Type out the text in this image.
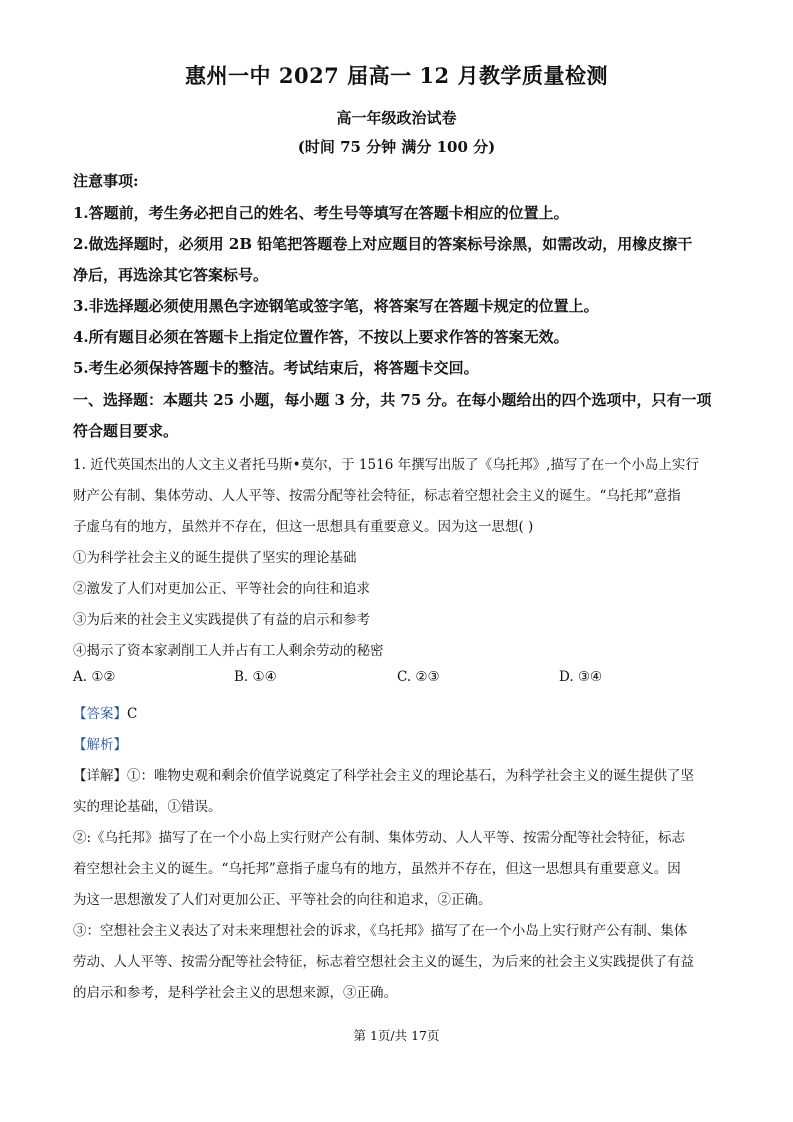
惠州一中 2027 届高一 12 月教学质量检测
高一年级政治试卷
(时间 75 分钟 满分 100 分)
注意事项:
1.答题前，考生务必把自己的姓名、考生号等填写在答题卡相应的位置上。
2.做选择题时，必须用 2B 铅笔把答题卷上对应题目的答案标号涂黑，如需改动，用橡皮擦干
净后，再选涂其它答案标号。
3.非选择题必须使用黑色字迹钢笔或签字笔，将答案写在答题卡规定的位置上。
4.所有题目必须在答题卡上指定位置作答，不按以上要求作答的答案无效。
5.考生必须保持答题卡的整洁。考试结束后，将答题卡交回。
一、选择题：本题共 25 小题，每小题 3 分，共 75 分。在每小题给出的四个选项中，只有一项
符合题目要求。
1. 近代英国杰出的人文主义者托马斯•莫尔，于 1516 年撰写出版了《乌托邦》,描写了在一个小岛上实行
财产公有制、集体劳动、人人平等、按需分配等社会特征，标志着空想社会主义的诞生。“乌托邦”意指
子虚乌有的地方，虽然并不存在，但这一思想具有重要意义。因为这一思想( )
①为科学社会主义的诞生提供了坚实的理论基础
②激发了人们对更加公正、平等社会的向往和追求
③为后来的社会主义实践提供了有益的启示和参考
④揭示了资本家剥削工人并占有工人剩余劳动的秘密
A. ①②	B. ①④	C. ②③	D. ③④
【答案】C
【解析】
【详解】①：唯物史观和剩余价值学说奠定了科学社会主义的理论基石，为科学社会主义的诞生提供了坚
实的理论基础，①错误。
②:《乌托邦》描写了在一个小岛上实行财产公有制、集体劳动、人人平等、按需分配等社会特征，标志
着空想社会主义的诞生。“乌托邦”意指子虚乌有的地方，虽然并不存在，但这一思想具有重要意义。因
为这一思想激发了人们对更加公正、平等社会的向往和追求，②正确。
③：空想社会主义表达了对未来理想社会的诉求，《乌托邦》描写了在一个小岛上实行财产公有制、集体
劳动、人人平等、按需分配等社会特征，标志着空想社会主义的诞生，为后来的社会主义实践提供了有益
的启示和参考，是科学社会主义的思想来源，③正确。
第 1页/共 17页
